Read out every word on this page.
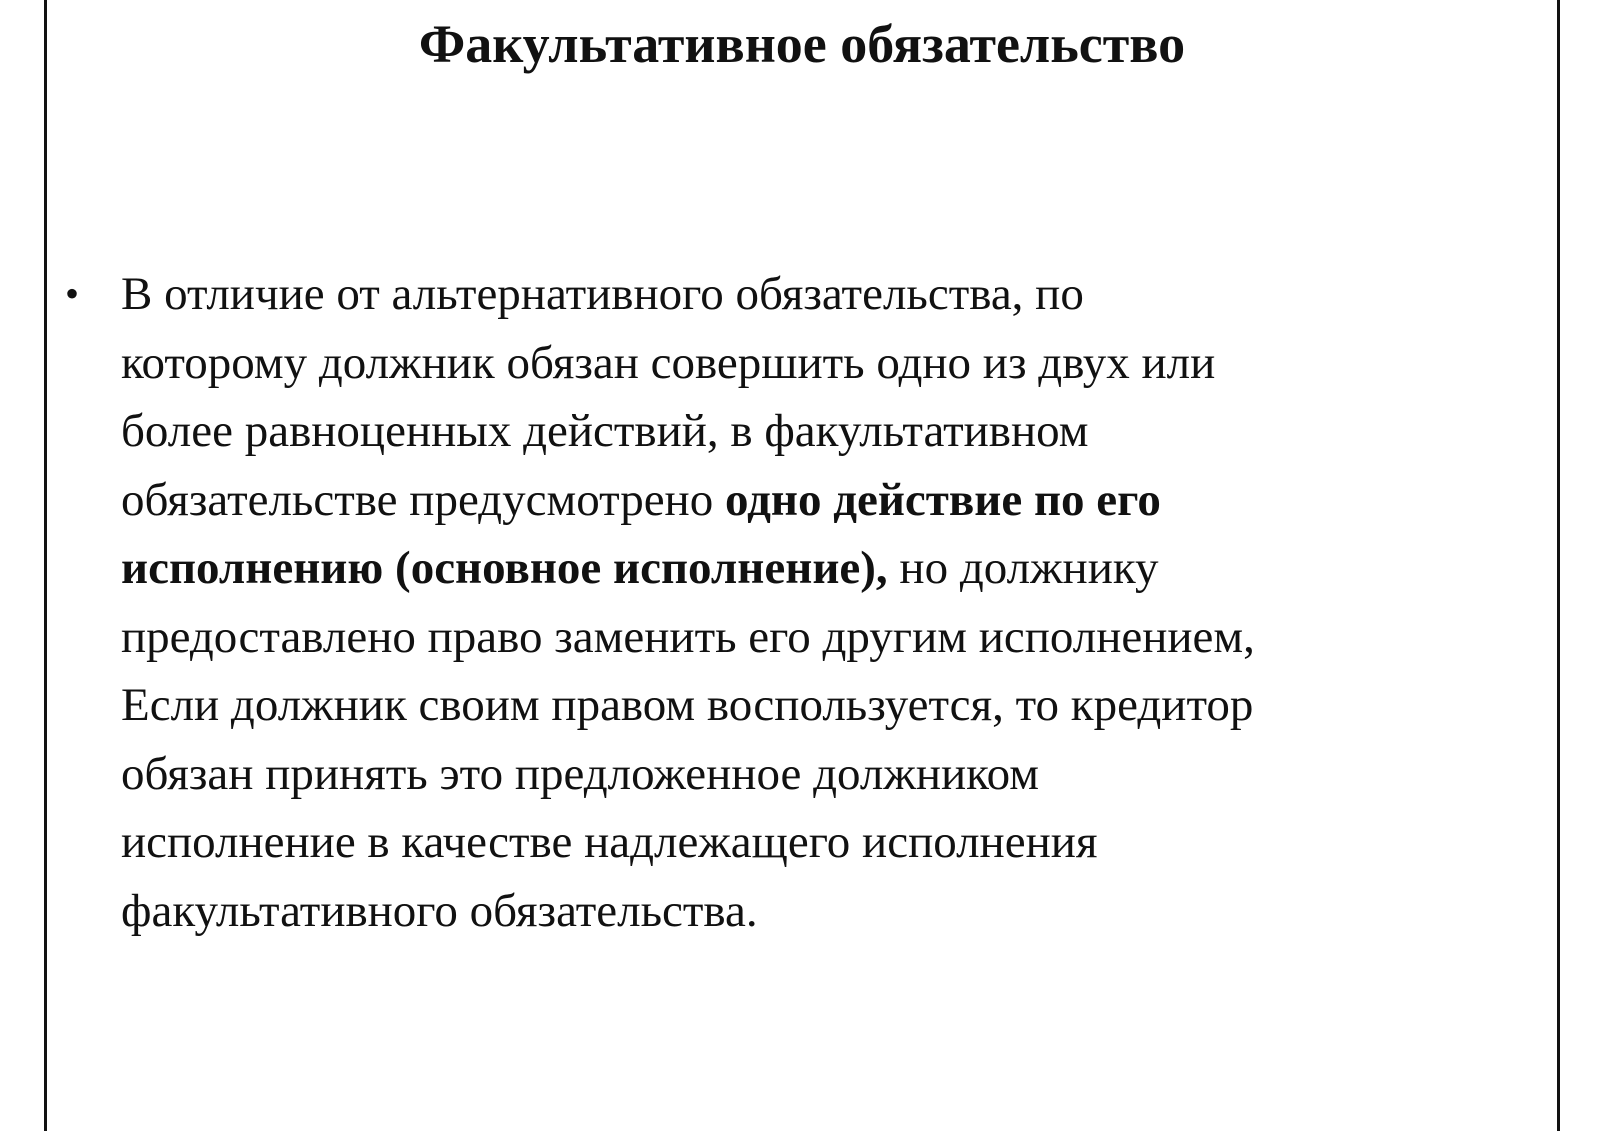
Факультативное обязательство
• В отличие от альтернативного обязательства, по
которому должник обязан совершить одно из двух или
более равноценных действий, в факультативном
обязательстве предусмотрено одно действие по его
исполнению (основное исполнение), но должнику
предоставлено право заменить его другим исполнением,
Если должник своим правом воспользуется, то кредитор
обязан принять это предложенное должником
исполнение в качестве надлежащего исполнения
факультативного обязательства.
